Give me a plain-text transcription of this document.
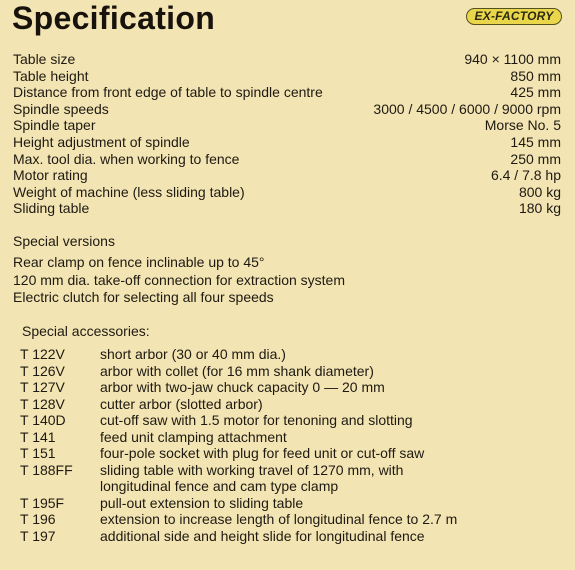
Specification	EX-FACTORY
Table size	940 × 1100 mm
Table height	850 mm
Distance from front edge of table to spindle centre	425 mm
Spindle speeds	3000 / 4500 / 6000 / 9000 rpm
Spindle taper	Morse No. 5
Height adjustment of spindle	145 mm
Max. tool dia. when working to fence	250 mm
Motor rating	6.4 / 7.8 hp
Weight of machine (less sliding table)	800 kg
Sliding table	180 kg
Special versions
Rear clamp on fence inclinable up to 45°
120 mm dia. take-off connection for extraction system
Electric clutch for selecting all four speeds
Special accessories:
T 122V	short arbor (30 or 40 mm dia.)
T 126V	arbor with collet (for 16 mm shank diameter)
T 127V	arbor with two-jaw chuck capacity 0 — 20 mm
T 128V	cutter arbor (slotted arbor)
T 140D	cut-off saw with 1.5 motor for tenoning and slotting
T 141	feed unit clamping attachment
T 151	four-pole socket with plug for feed unit or cut-off saw
T 188FF	sliding table with working travel of 1270 mm, with
longitudinal fence and cam type clamp
T 195F	pull-out extension to sliding table
T 196	extension to increase length of longitudinal fence to 2.7 m
T 197	additional side and height slide for longitudinal fence
